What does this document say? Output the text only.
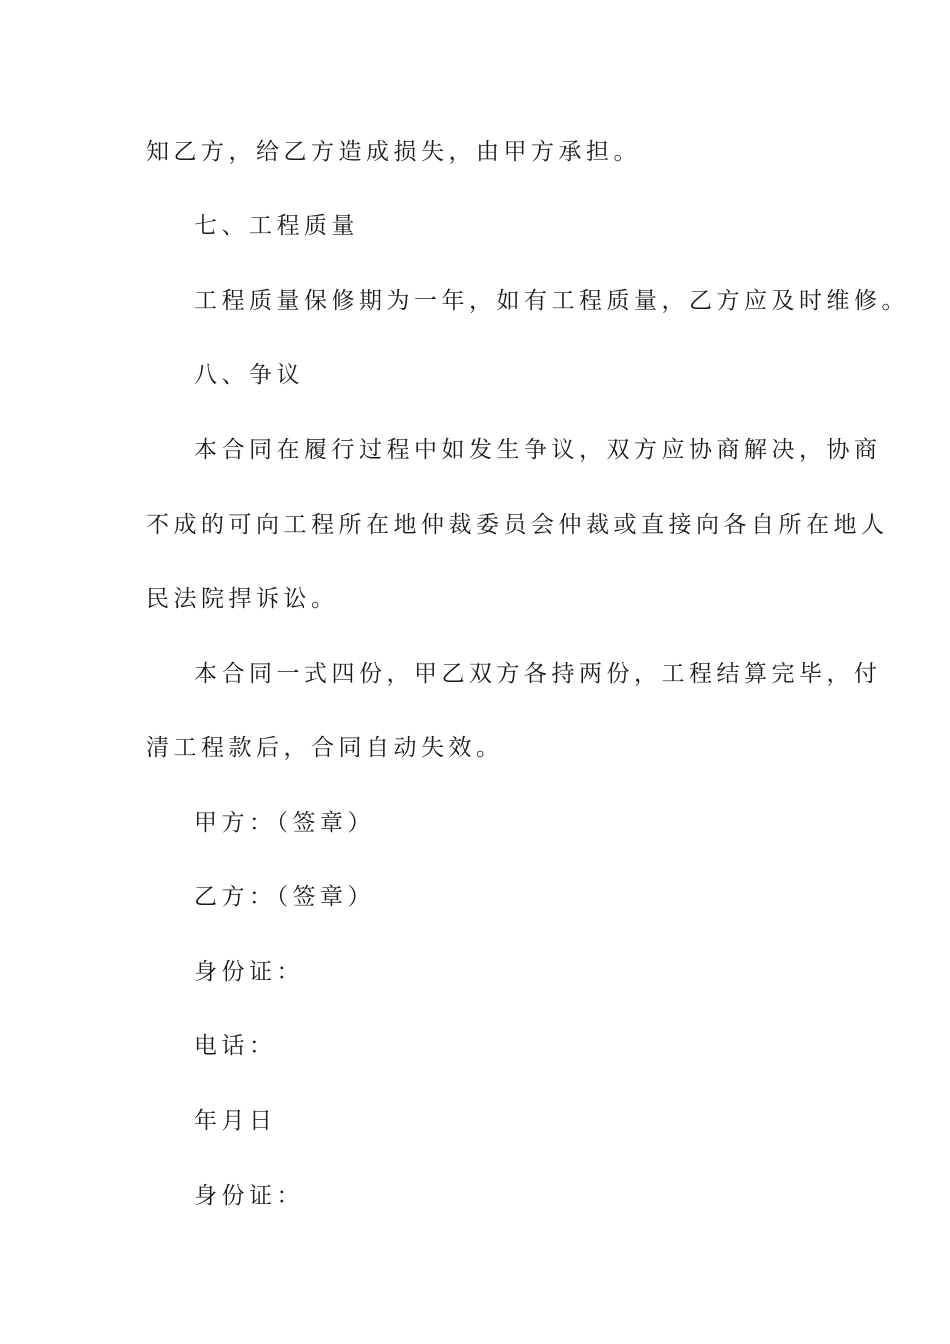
知乙方，给乙方造成损失，由甲方承担。
七、工程质量
工程质量保修期为一年，如有工程质量，乙方应及时维修。
八、争议
本合同在履行过程中如发生争议，双方应协商解决，协商
不成的可向工程所在地仲裁委员会仲裁或直接向各自所在地人
民法院捍诉讼。
本合同一式四份，甲乙双方各持两份，工程结算完毕，付
清工程款后，合同自动失效。
甲方：（签章）
乙方：（签章）
身份证：
电话：
年月日
身份证：
